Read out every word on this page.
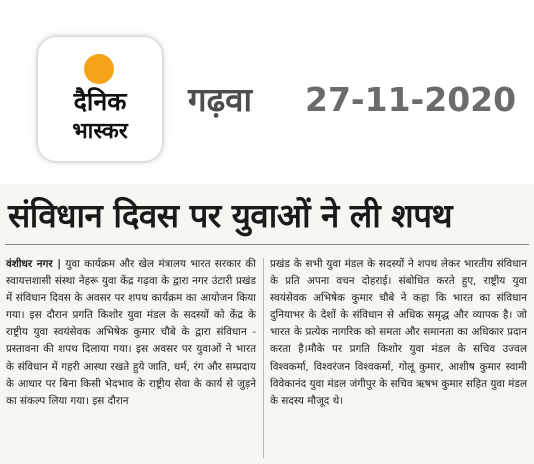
दैनिक
भास्कर
गढ़वा 27-11-2020
संविधान दिवस पर युवाओं ने ली शपथ

वंशीधर नगर | युवा कार्यक्रम और खेल मंत्रालय भारत सरकार की स्वायत्तशासी संस्था नेहरू युवा केंद्र गढ़वा के द्वारा नगर उंटारी प्रखंड में संविधान दिवस के अवसर पर शपथ कार्यक्रम का आयोजन किया गया। इस दौरान प्रगति किशोर युवा मंडल के सदस्यों को केंद्र के राष्ट्रीय युवा स्वयंसेवक अभिषेक कुमार चौबे के द्वारा संविधान - प्रस्तावना की शपथ दिलाया गया। इस अवसर पर युवाओं ने भारत के संविधान में गहरी आस्था रखते हुये जाति, धर्म, रंग और सम्प्रदाय के आधार पर बिना किसी भेदभाव के राष्ट्रीय सेवा के कार्य से जुड़ने का संकल्प लिया गया। इस दौरान

प्रखंड के सभी युवा मंडल के सदस्यों ने शपथ लेकर भारतीय संविधान के प्रति अपना वचन दोहराई। संबोधित करते हुए, राष्ट्रीय युवा स्वयंसेवक अभिषेक कुमार चौबे ने कहा कि भारत का संविधान दुनियाभर के देशों के संविधान से अधिक समृद्ध और व्यापक है। जो भारत के प्रत्येक नागरिक को समता और समानता का अधिकार प्रदान करता है।मौके पर प्रगति किशोर युवा मंडल के सचिव उज्वल विश्वकर्मा, विश्वरंजन विश्वकर्मा, गोलू कुमार, आशीष कुमार स्वामी विवेकानंद युवा मंडल जंगीपुर के सचिव ऋषभ कुमार सहित युवा मंडल के सदस्य मौजूद थे।
